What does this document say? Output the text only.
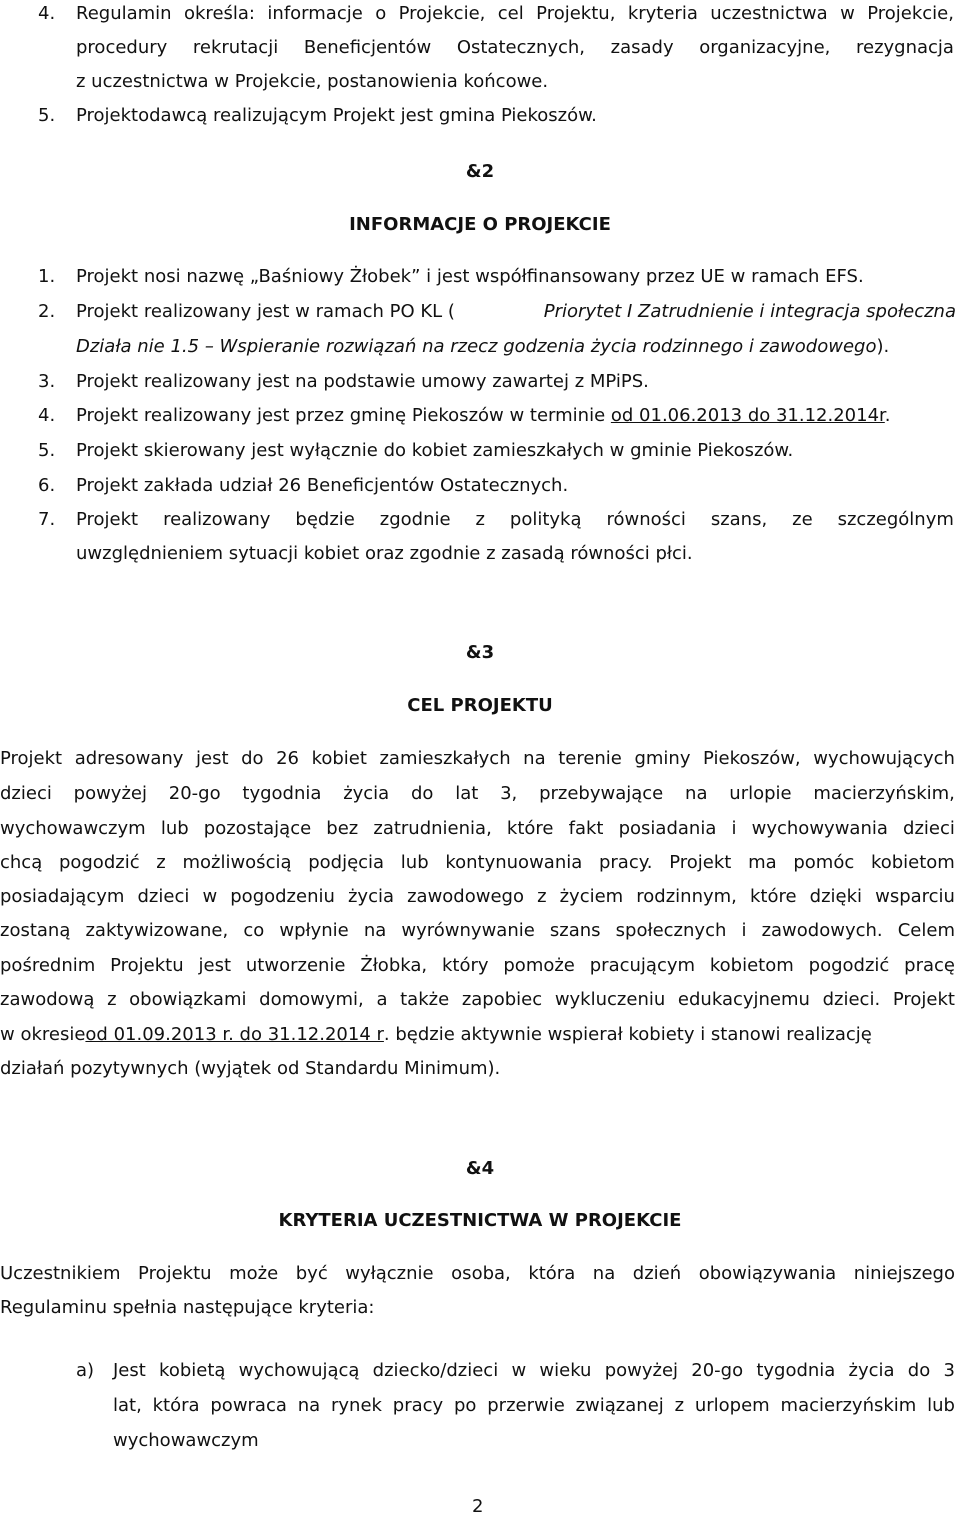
4. Regulamin określa: informacje o Projekcie, cel Projektu, kryteria uczestnictwa w Projekcie,
procedury rekrutacji Beneficjentów Ostatecznych, zasady organizacyjne, rezygnacja
z uczestnictwa w Projekcie, postanowienia końcowe.
5. Projektodawcą realizującym Projekt jest gmina Piekoszów.
&2
INFORMACJE O PROJEKCIE
1. Projekt nosi nazwę „Baśniowy Żłobek” i jest współfinansowany przez UE w ramach EFS.
2. Projekt realizowany jest w ramach PO KL (	Priorytet I Zatrudnienie i integracja społeczna
Działa nie 1.5 – Wspieranie rozwiązań na rzecz godzenia życia rodzinnego i zawodowego).
3. Projekt realizowany jest na podstawie umowy zawartej z MPiPS.
4. Projekt realizowany jest przez gminę Piekoszów w terminie od 01.06.2013 do 31.12.2014r.
5. Projekt skierowany jest wyłącznie do kobiet zamieszkałych w gminie Piekoszów.
6. Projekt zakłada udział 26 Beneficjentów Ostatecznych.
7. Projekt realizowany będzie zgodnie z polityką równości szans, ze szczególnym
uwzględnieniem sytuacji kobiet oraz zgodnie z zasadą równości płci.
&3
CEL PROJEKTU
Projekt adresowany jest do 26 kobiet zamieszkałych na terenie gminy Piekoszów, wychowujących
dzieci powyżej 20-go tygodnia życia do lat 3, przebywające na urlopie macierzyńskim,
wychowawczym lub pozostające bez zatrudnienia, które fakt posiadania i wychowywania dzieci
chcą pogodzić z możliwością podjęcia lub kontynuowania pracy. Projekt ma pomóc kobietom
posiadającym dzieci w pogodzeniu życia zawodowego z życiem rodzinnym, które dzięki wsparciu
zostaną zaktywizowane, co wpłynie na wyrównywanie szans społecznych i zawodowych. Celem
pośrednim Projektu jest utworzenie Żłobka, który pomoże pracującym kobietom pogodzić pracę
zawodową z obowiązkami domowymi, a także zapobiec wykluczeniu edukacyjnemu dzieci. Projekt
w okresie od 01.09.2013 r. do 31.12.2014 r . będzie aktywnie wspierał kobiety i stanowi realizację
działań pozytywnych (wyjątek od Standardu Minimum).
&4
KRYTERIA UCZESTNICTWA W PROJEKCIE
Uczestnikiem Projektu może być wyłącznie osoba, która na dzień obowiązywania niniejszego
Regulaminu spełnia następujące kryteria:
a) Jest kobietą wychowującą dziecko/dzieci w wieku powyżej 20-go tygodnia życia do 3
lat, która powraca na rynek pracy po przerwie związanej z urlopem macierzyńskim lub
wychowawczym
2
